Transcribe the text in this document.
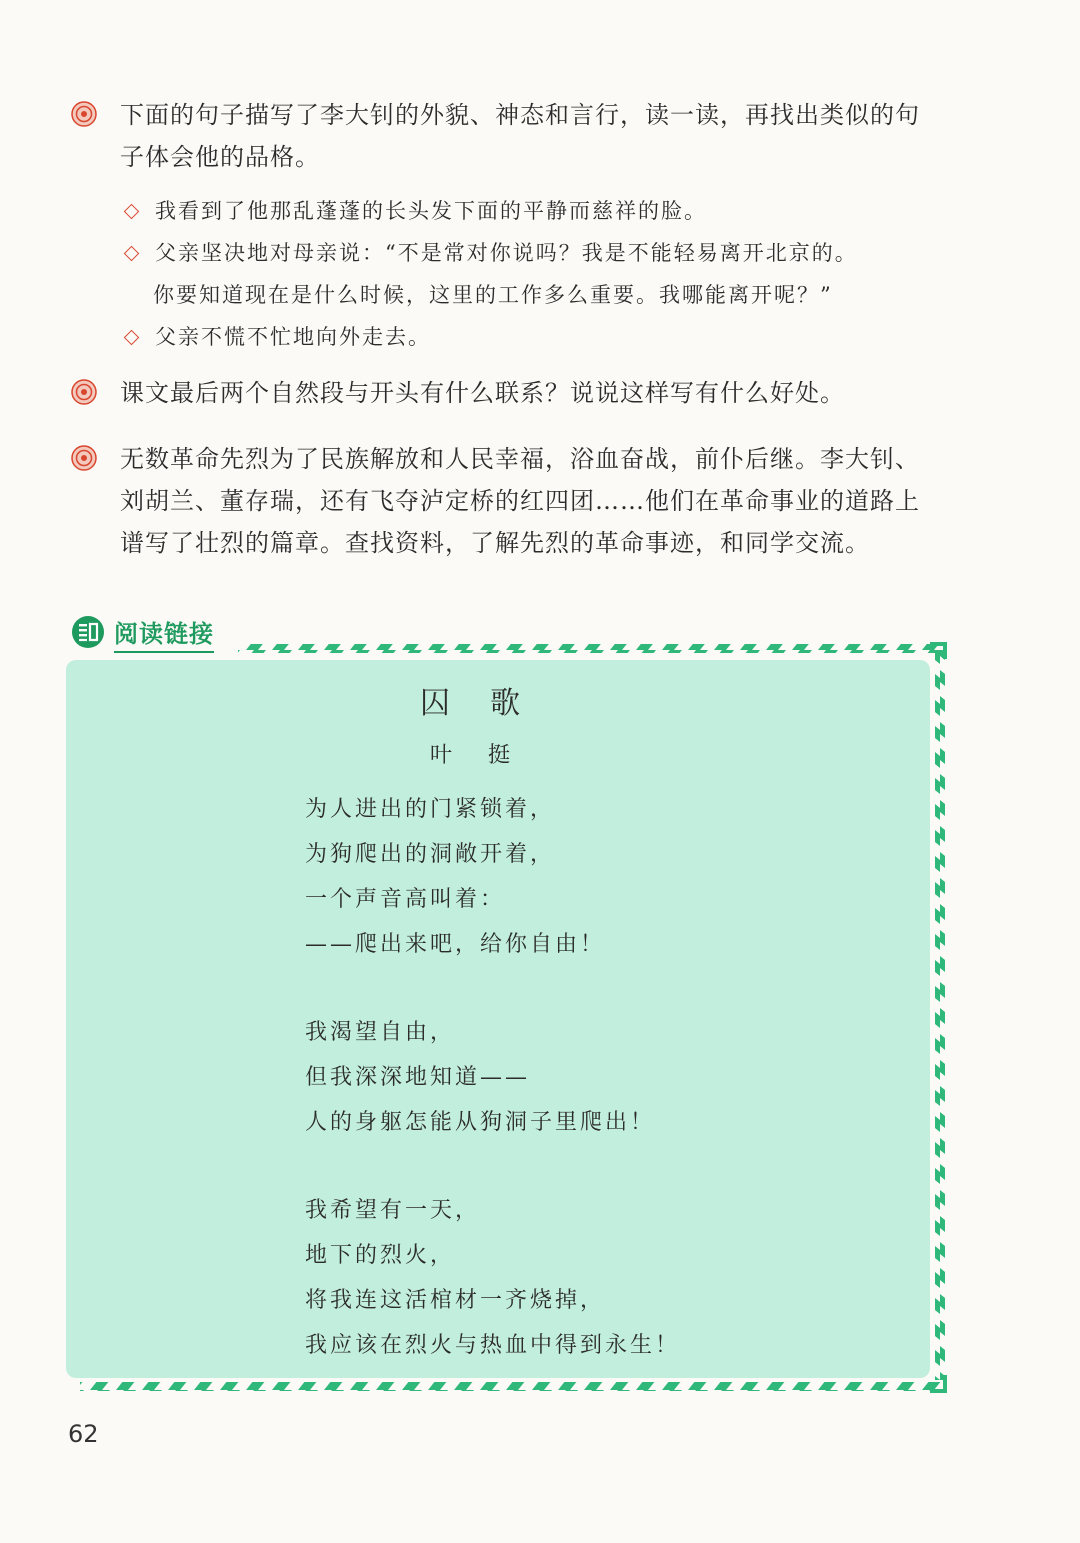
下面的句子描写了李大钊的外貌、神态和言行，读一读，再找出类似的句
子体会他的品格。
我看到了他那乱蓬蓬的长头发下面的平静而慈祥的脸。
父亲坚决地对母亲说：“不是常对你说吗？我是不能轻易离开北京的。
你要知道现在是什么时候，这里的工作多么重要。我哪能离开呢？”
父亲不慌不忙地向外走去。
课文最后两个自然段与开头有什么联系？说说这样写有什么好处。
无数革命先烈为了民族解放和人民幸福，浴血奋战，前仆后继。李大钊、
刘胡兰、董存瑞，还有飞夺泸定桥的红四团……他们在革命事业的道路上
谱写了壮烈的篇章。查找资料，了解先烈的革命事迹，和同学交流。
阅读链接
囚歌
叶挺
为人进出的门紧锁着，
为狗爬出的洞敞开着，
一个声音高叫着：
——爬出来吧，给你自由！
我渴望自由，
但我深深地知道——
人的身躯怎能从狗洞子里爬出！
我希望有一天，
地下的烈火，
将我连这活棺材一齐烧掉，
我应该在烈火与热血中得到永生！
62
